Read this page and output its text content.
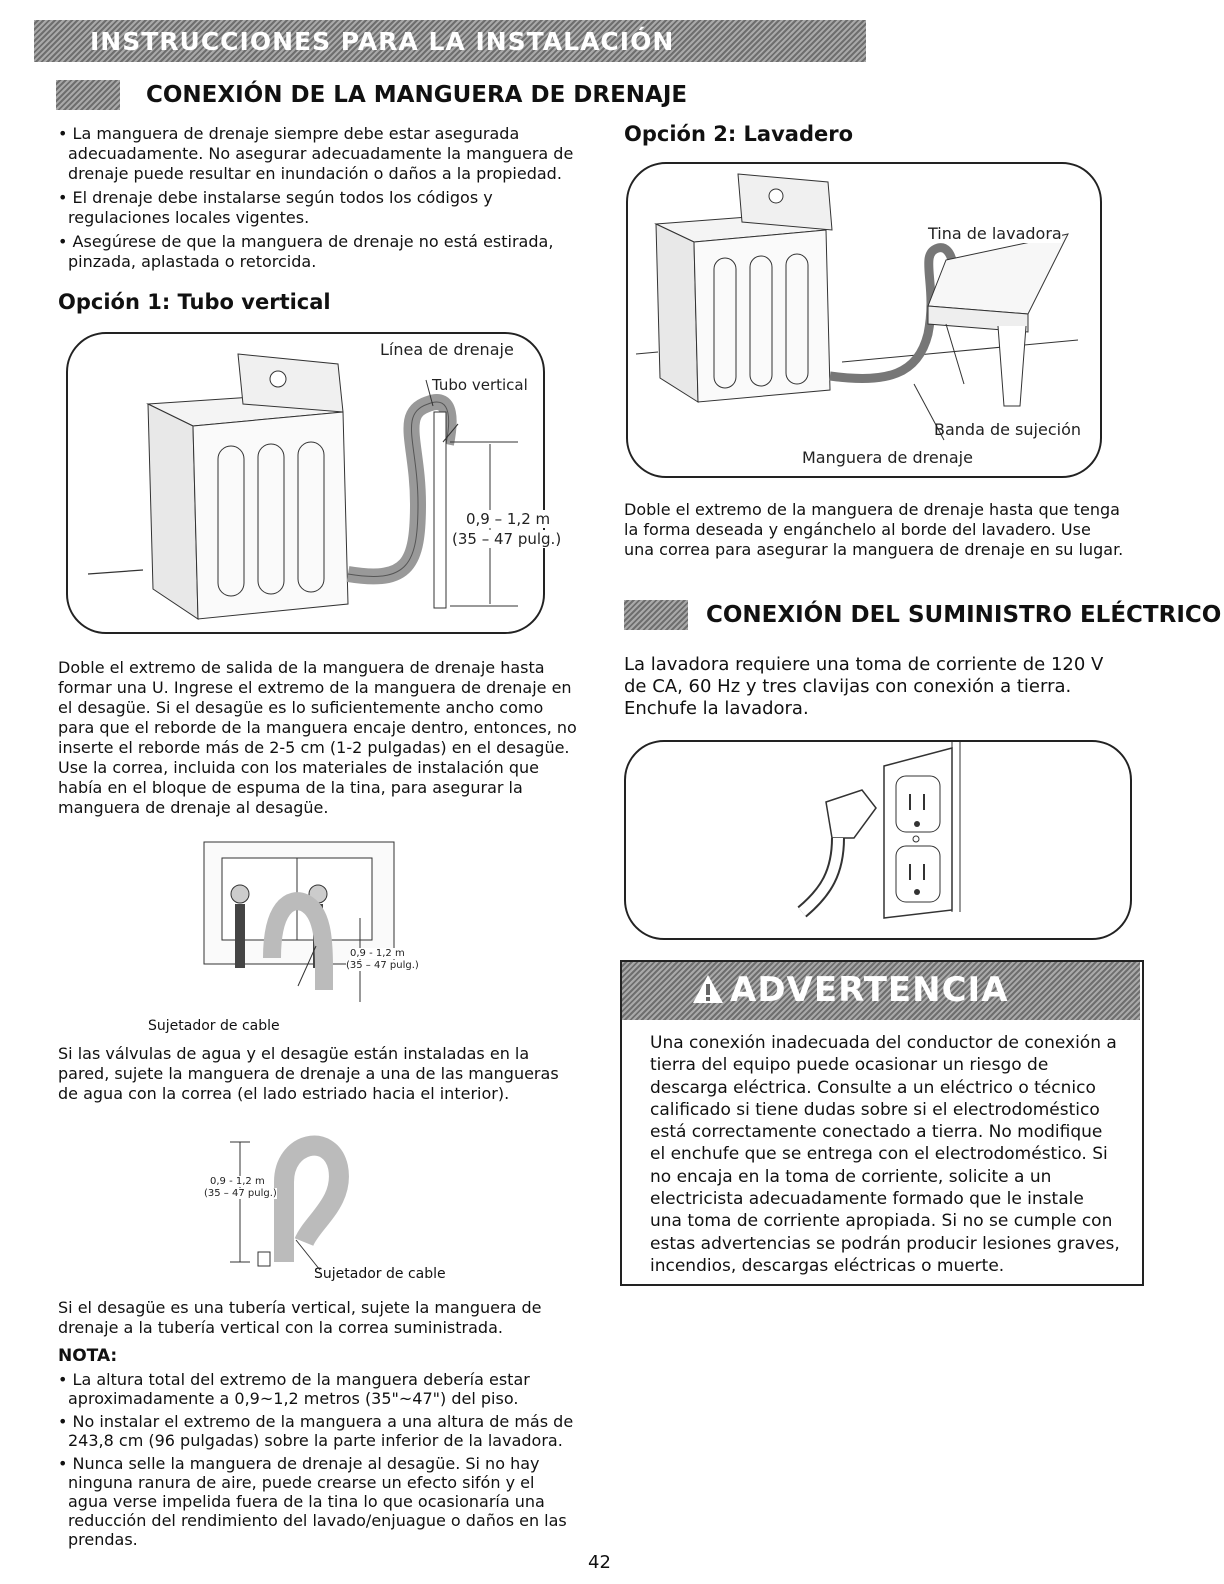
INSTRUCCIONES PARA LA INSTALACIÓN
CONEXIÓN DE LA MANGUERA DE DRENAJE

• La manguera de drenaje siempre debe estar asegurada adecuadamente. No asegurar adecuadamente la manguera de drenaje puede resultar en inundación o daños a la propiedad.

• El drenaje debe instalarse según todos los códigos y regulaciones locales vigentes.

• Asegúrese de que la manguera de drenaje no está estirada, pinzada, aplastada o retorcida.

Opción 1: Tubo vertical
Línea de drenaje
Tubo vertical
0,9 – 1,2 m
(35 – 47 pulg.)
Doble el extremo de salida de la manguera de drenaje hasta formar una U. Ingrese el extremo de la manguera de drenaje en el desagüe. Si el desagüe es lo suficientemente ancho como para que el reborde de la manguera encaje dentro, entonces, no inserte el reborde más de 2-5 cm (1-2 pulgadas) en el desagüe. Use la correa, incluida con los materiales de instalación que había en el bloque de espuma de la tina, para asegurar la manguera de drenaje al desagüe.
0,9 - 1,2 m
(35 – 47 pulg.)
Sujetador de cable
Si las válvulas de agua y el desagüe están instaladas en la pared, sujete la manguera de drenaje a una de las mangueras de agua con la correa (el lado estriado hacia el interior).
0,9 - 1,2 m
(35 – 47 pulg.)
Sujetador de cable
Si el desagüe es una tubería vertical, sujete la manguera de drenaje a la tubería vertical con la correa suministrada.
NOTA:

• La altura total del extremo de la manguera debería estar aproximadamente a 0,9~1,2 metros (35"~47") del piso.

• No instalar el extremo de la manguera a una altura de más de 243,8 cm (96 pulgadas) sobre la parte inferior de la lavadora.

• Nunca selle la manguera de drenaje al desagüe. Si no hay ninguna ranura de aire, puede crearse un efecto sifón y el agua verse impelida fuera de la tina lo que ocasionaría una reducción del rendimiento del lavado/enjuague o daños en las prendas.

Opción 2: Lavadero
Tina de lavadora
Banda de sujeción
Manguera de drenaje
Doble el extremo de la manguera de drenaje hasta que tenga la forma deseada y engánchelo al borde del lavadero. Use una correa para asegurar la manguera de drenaje en su lugar.
CONEXIÓN DEL SUMINISTRO ELÉCTRICO
La lavadora requiere una toma de corriente de 120 V de CA, 60 Hz y tres clavijas con conexión a tierra. Enchufe la lavadora.
ADVERTENCIA
Una conexión inadecuada del conductor de conexión a tierra del equipo puede ocasionar un riesgo de descarga eléctrica. Consulte a un eléctrico o técnico calificado si tiene dudas sobre si el electrodoméstico está correctamente conectado a tierra. No modifique el enchufe que se entrega con el electrodoméstico. Si no encaja en la toma de corriente, solicite a un electricista adecuadamente formado que le instale una toma de corriente apropiada. Si no se cumple con estas advertencias se podrán producir lesiones graves, incendios, descargas eléctricas o muerte.
42
